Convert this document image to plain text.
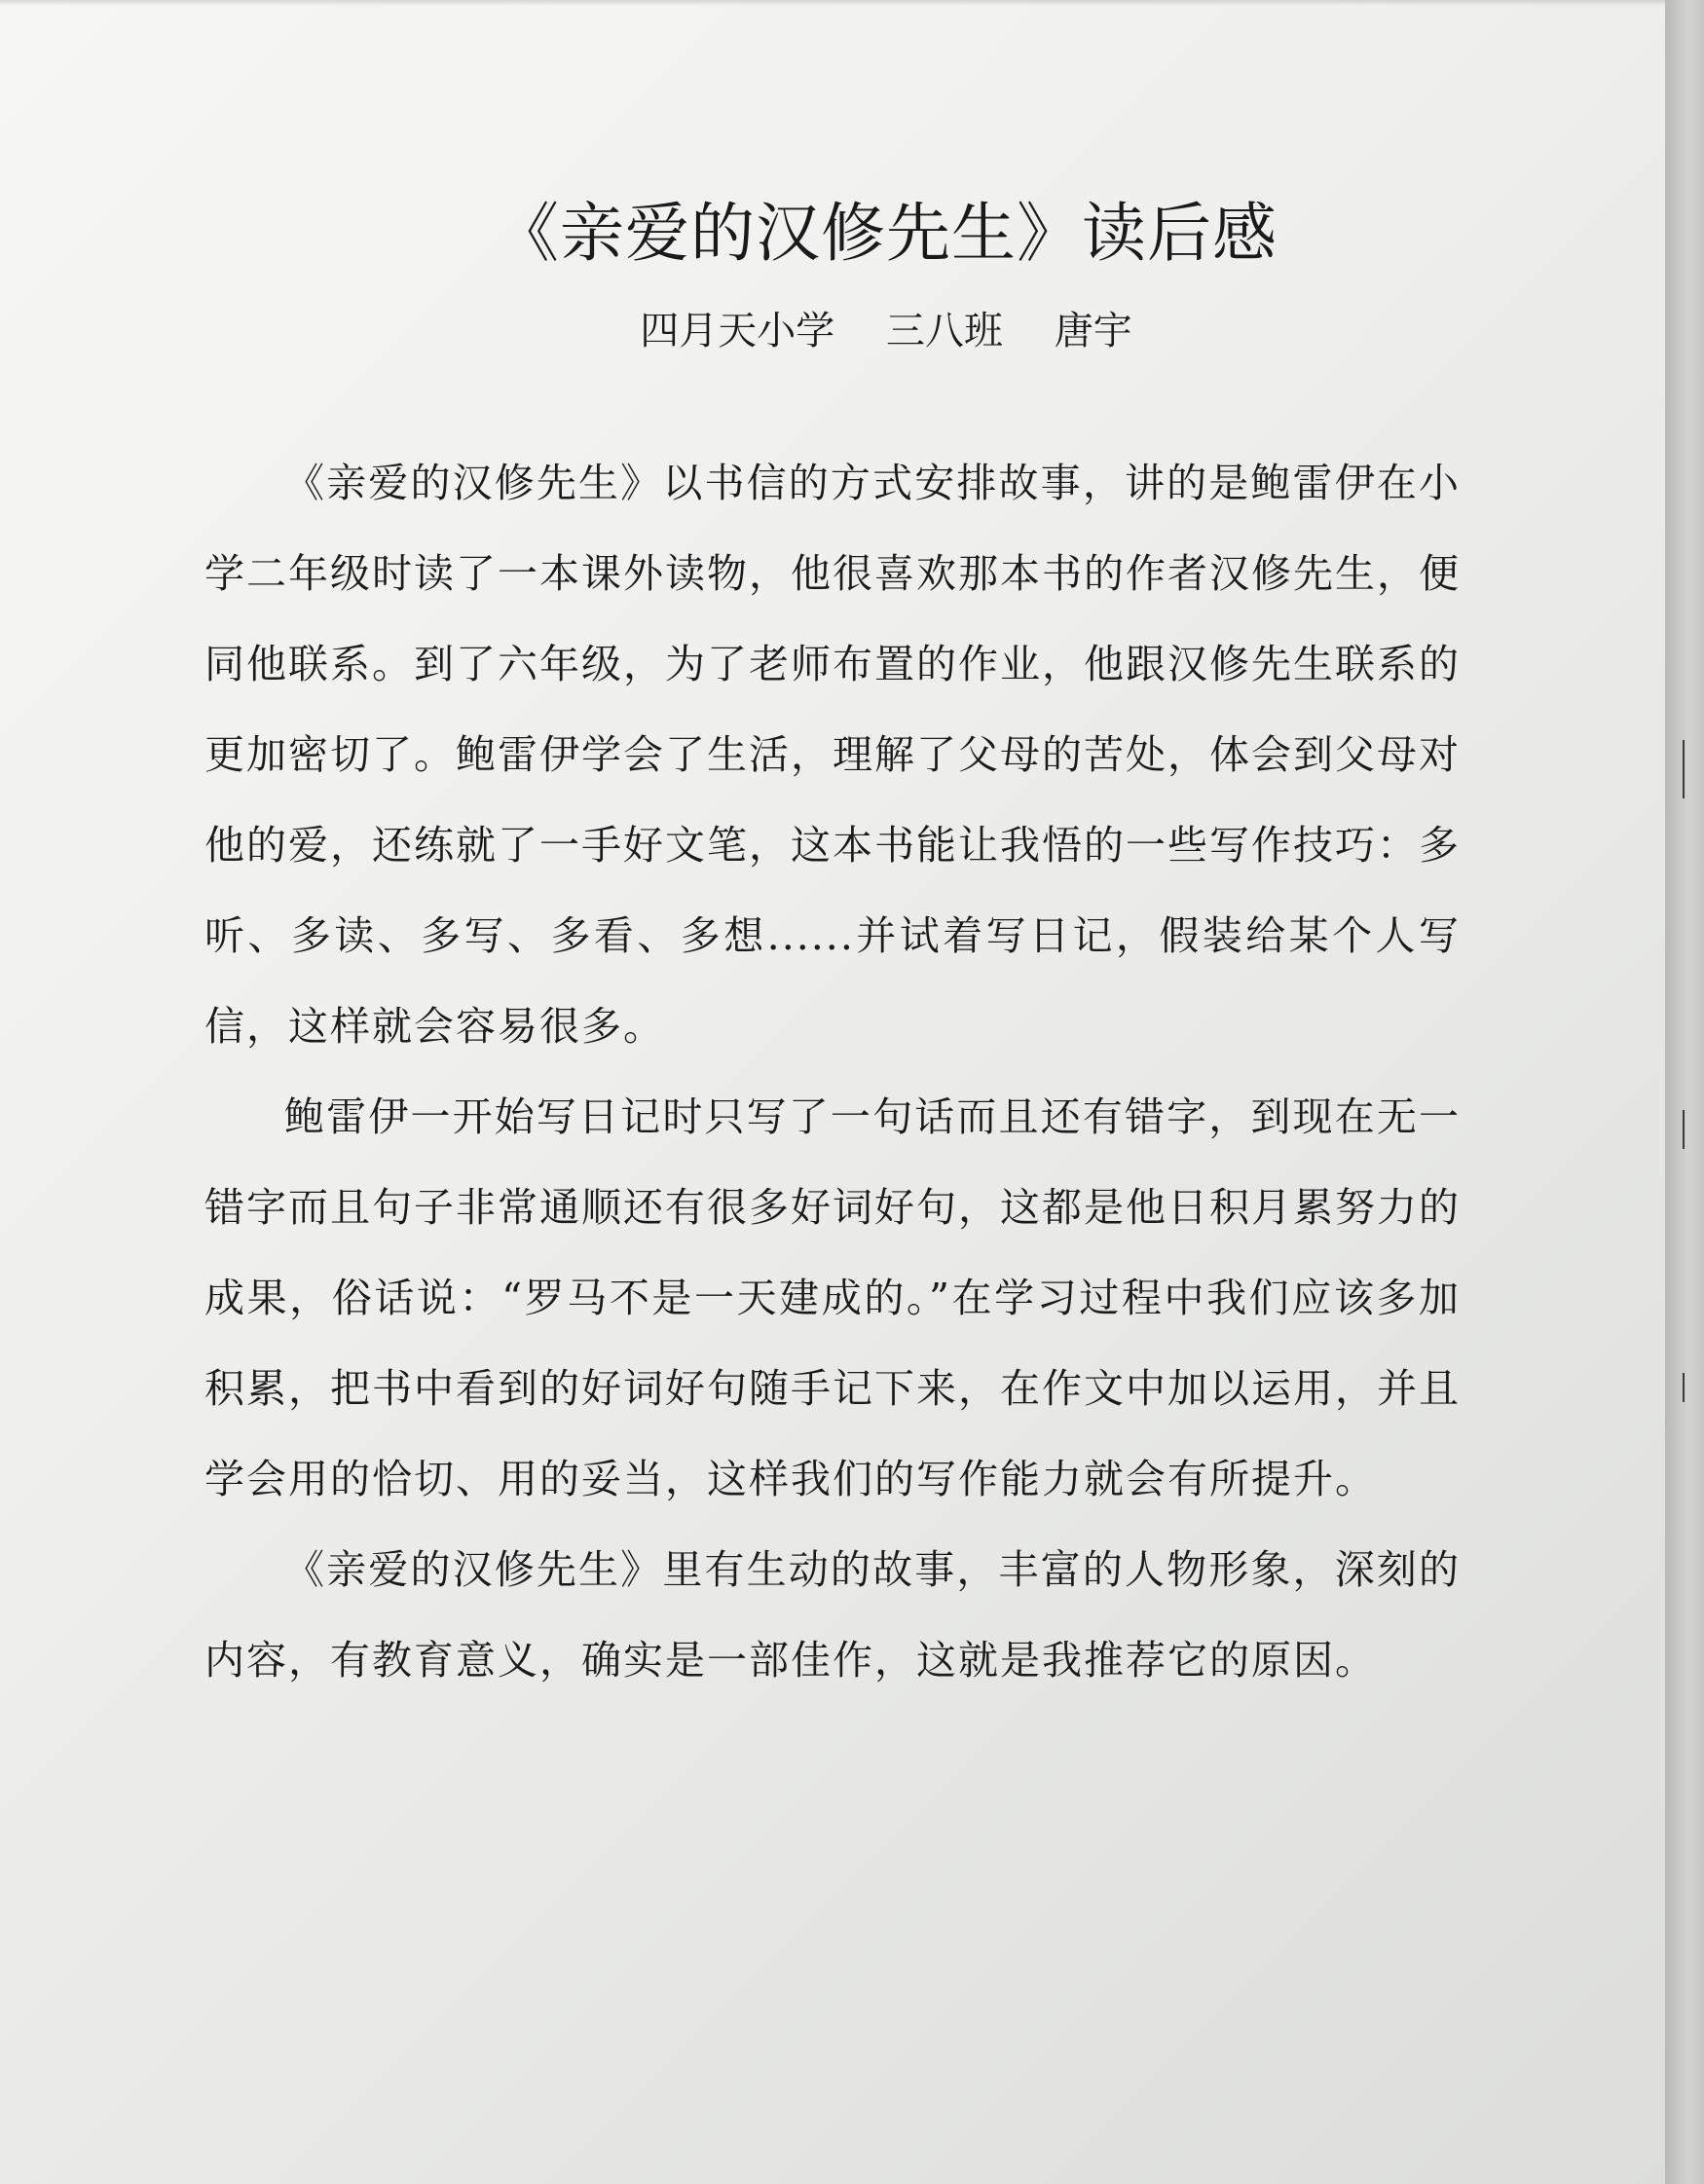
《亲爱的汉修先生》读后感
四月天小学 三八班 唐宇

《亲爱的汉修先生》以书信的方式安排故事，讲的是鲍雷伊在小学二年级时读了一本课外读物，他很喜欢那本书的作者汉修先生，便同他联系。到了六年级，为了老师布置的作业，他跟汉修先生联系的更加密切了。鲍雷伊学会了生活，理解了父母的苦处，体会到父母对他的爱，还练就了一手好文笔，这本书能让我悟的一些写作技巧：多听、多读、多写、多看、多想......并试着写日记，假装给某个人写信，这样就会容易很多。

鲍雷伊一开始写日记时只写了一句话而且还有错字，到现在无一错字而且句子非常通顺还有很多好词好句，这都是他日积月累努力的成果，俗话说：“罗马不是一天建成的。”在学习过程中我们应该多加积累，把书中看到的好词好句随手记下来，在作文中加以运用，并且学会用的恰切、用的妥当，这样我们的写作能力就会有所提升。

《亲爱的汉修先生》里有生动的故事，丰富的人物形象，深刻的内容，有教育意义，确实是一部佳作，这就是我推荐它的原因。
